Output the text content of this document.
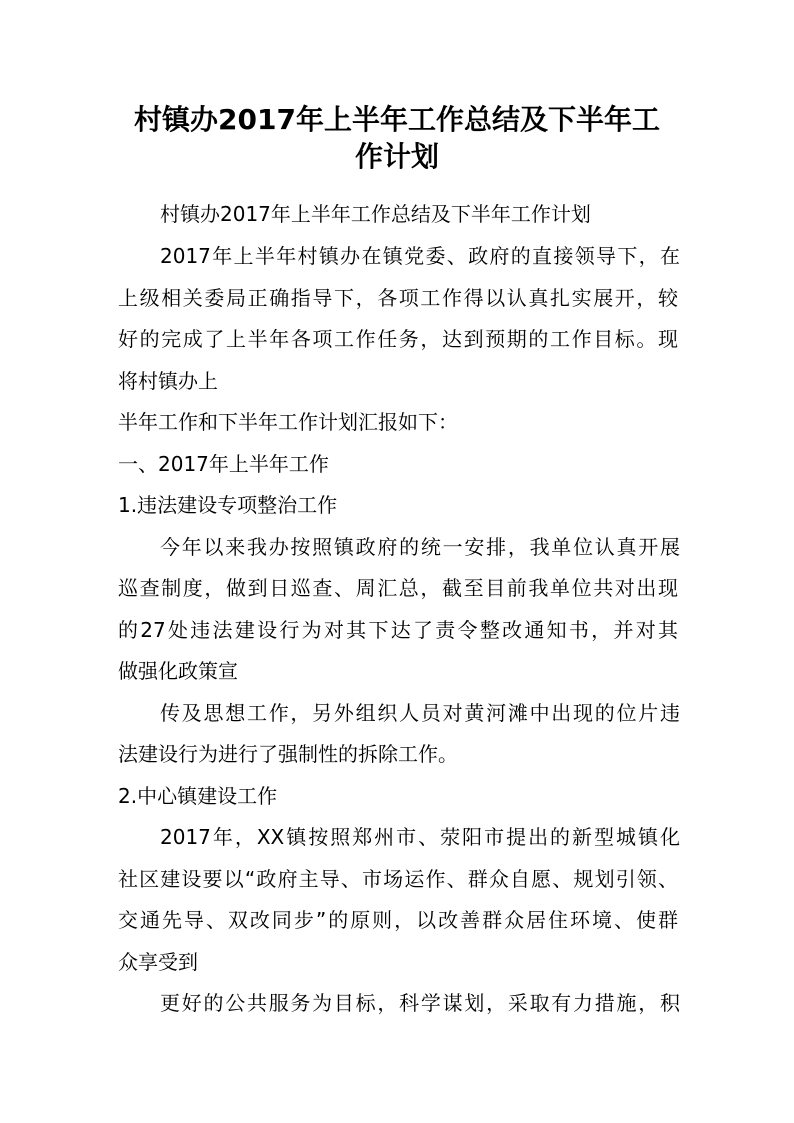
村镇办2017年上半年工作总结及下半年工
作计划

村镇办2017年上半年工作总结及下半年工作计划

2017年上半年村镇办在镇党委、政府的直接领导下，在

上级相关委局正确指导下，各项工作得以认真扎实展开，较

好的完成了上半年各项工作任务，达到预期的工作目标。现

将村镇办上

半年工作和下半年工作计划汇报如下：

一、2017年上半年工作

1.违法建设专项整治工作

今年以来我办按照镇政府的统一安排，我单位认真开展

巡查制度，做到日巡查、周汇总，截至目前我单位共对出现

的27处违法建设行为对其下达了责令整改通知书，并对其

做强化政策宣

传及思想工作，另外组织人员对黄河滩中出现的位片违

法建设行为进行了强制性的拆除工作。

2.中心镇建设工作

2017年，XX镇按照郑州市、荥阳市提出的新型城镇化

社区建设要以“政府主导、市场运作、群众自愿、规划引领、

交通先导、双改同步”的原则，以改善群众居住环境、使群

众享受到

更好的公共服务为目标，科学谋划，采取有力措施，积
